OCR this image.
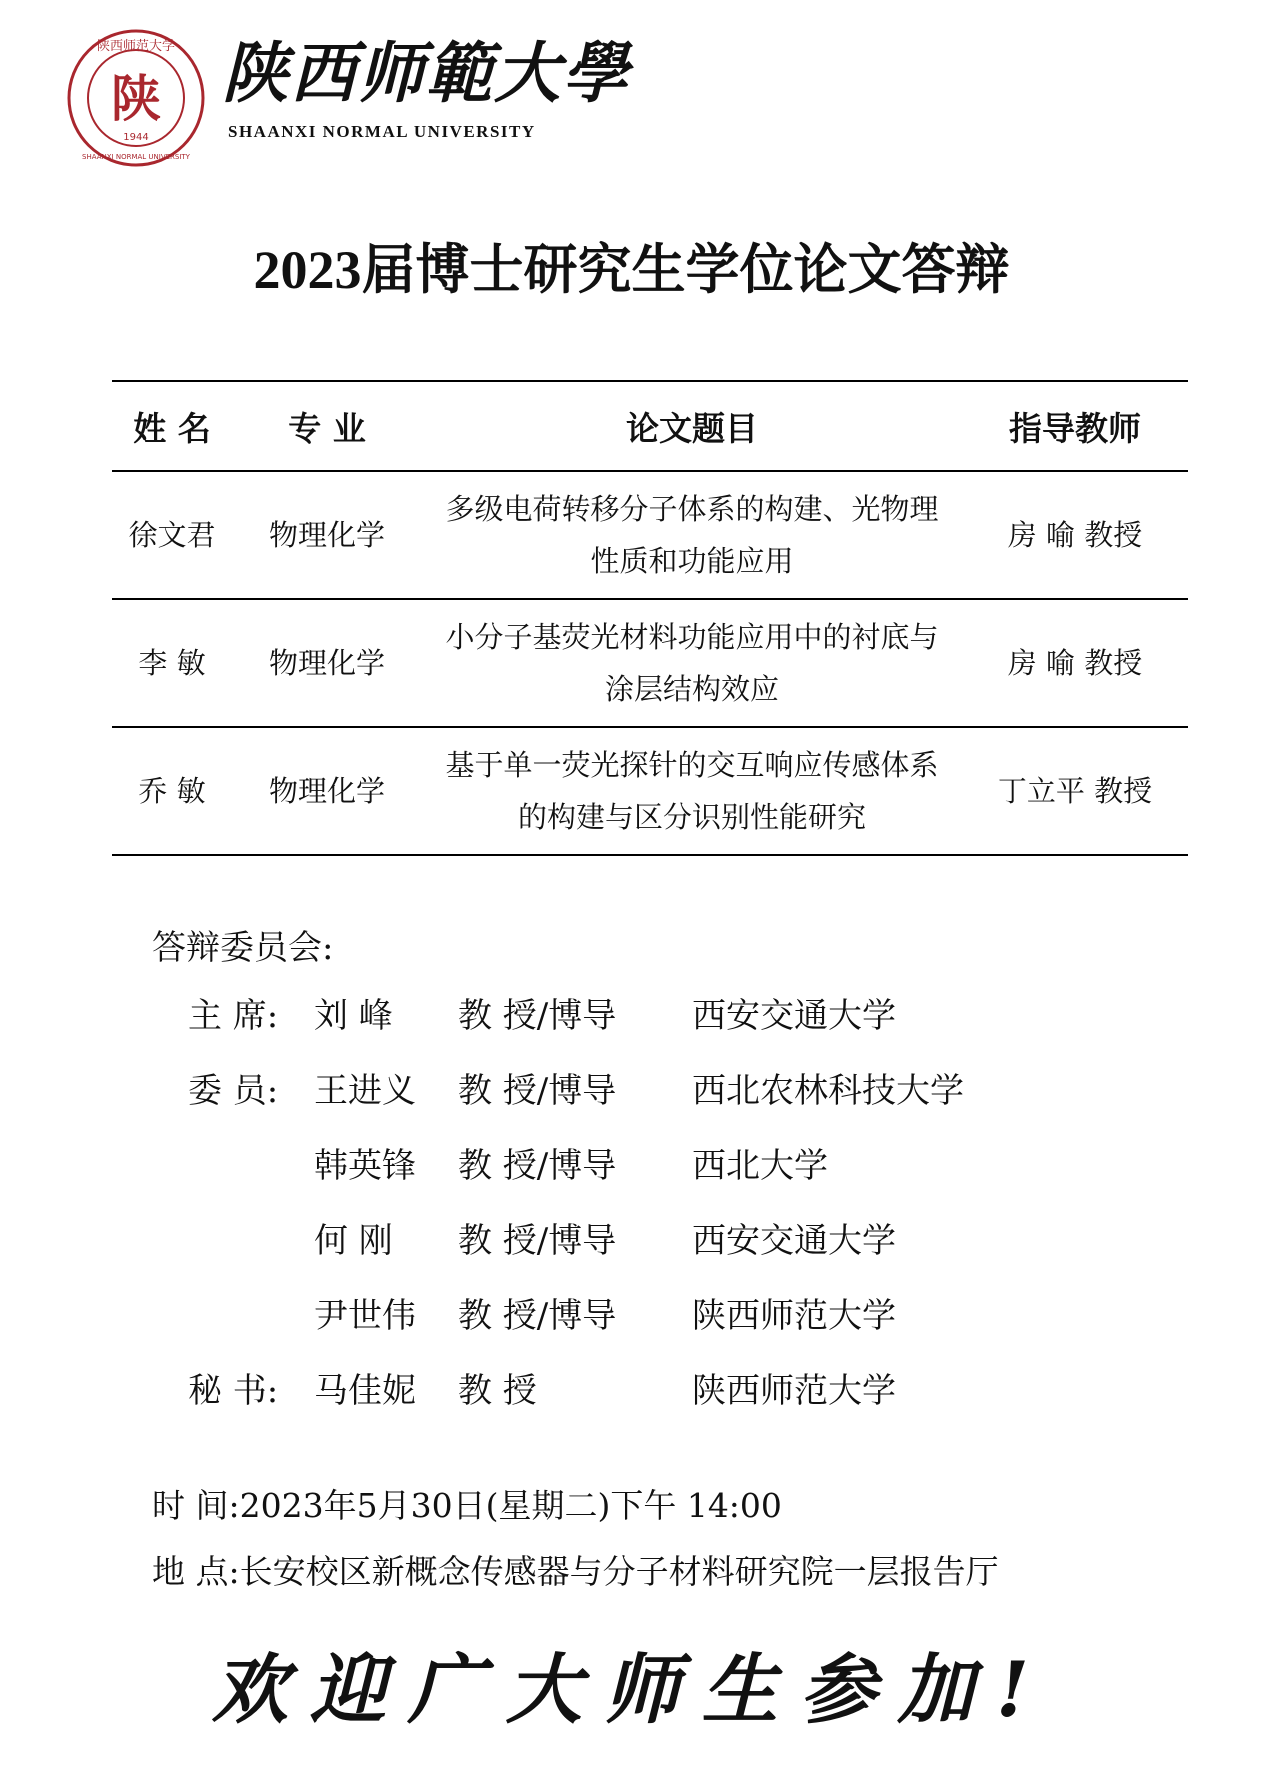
陕西师范大学
SHAANXI NORMAL UNIVERSITY
陕
1944
陕西师範大學
SHAANXI NORMAL UNIVERSITY
2023届博士研究生学位论文答辩
姓 名	专 业	论文题目	指导教师
徐文君	物理化学	多级电荷转移分子体系的构建、光物理
性质和功能应用	房 喻 教授
李 敏	物理化学	小分子基荧光材料功能应用中的衬底与
涂层结构效应	房 喻 教授
乔 敏	物理化学	基于单一荧光探针的交互响应传感体系
的构建与区分识别性能研究	丁立平 教授
答辩委员会:
主 席: 刘 峰 教 授/博导 西安交通大学
委 员: 王进义 教 授/博导 西北农林科技大学
韩英锋 教 授/博导 西北大学
何 刚 教 授/博导 西安交通大学
尹世伟 教 授/博导 陕西师范大学
秘 书: 马佳妮 教 授	陕西师范大学
时 间:2023年5月30日(星期二)下午 14:00
地 点:长安校区新概念传感器与分子材料研究院一层报告厅
欢迎广大师生参加!
